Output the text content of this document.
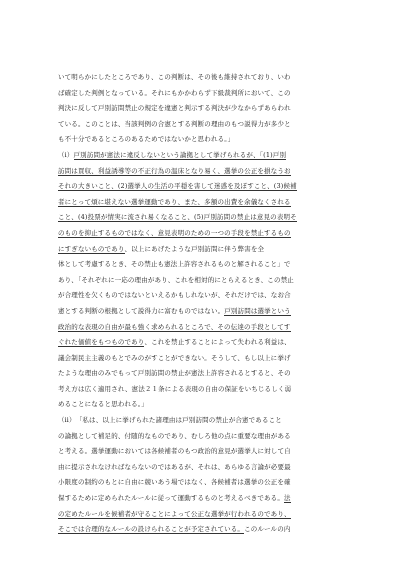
いて明らかにしたところであり、この判断は、その後も維持されており、いわ
ば確定した判例となっている。それにもかかわらず下級裁判所において、この
判決に反して戸別訪問禁止の規定を違憲と判示する判決が少なからずあらわれ
ている。このことは、当該判例の合憲とする判断の理由のもつ説得力が多少と
も不十分であるところのあるためではないかと思われる。」
（ⅰ）戸別訪問が憲法に違反しないという論拠として挙げられるが、「(1)戸別
訪問は買収、利益誘導等の不正行為の温床となり易く、選挙の公正を損なうお
それの大きいこと、(2)選挙人の生活の平穏を害して迷惑を及ぼすこと、(3)候補
者にとって煩に堪えない選挙運動であり、また、多額の出費を余儀なくされる
こと、(4)投票が情実に流され易くなること、(5)戸別訪問の禁止は意見の表明そ
のものを抑止するものではなく、意見表明のための一つの手段を禁止するもの
にすぎないものであり、以上にあげたような戸別訪問に伴う弊害を全
体として考慮するとき、その禁止も憲法上許容されるものと解されること」で
あり、「それぞれに一応の理由があり、これを相対的にとらえるとき、この禁止
が合理性を欠くものではないといえるかもしれないが、それだけでは、なお合
憲とする判断の根拠として説得力に富むものではない。戸別訪問は選挙という
政治的な表現の自由が最も強く求められるところで、その伝達の手段としてす
ぐれた価値をもつものであり、これを禁止することによって失われる利益は、
議会制民主主義のもとでみのがすことができない。そうして、もし以上に挙げ
たような理由のみでもって戸別訪問の禁止が憲法上許容されるとすると、その
考え方は広く適用され、憲法２１条による表現の自由の保証をいちじるしく弱
めることになると思われる。」
（ⅱ）　「私は、以上に挙げられた諸理由は戸別訪問の禁止が合憲であること
の論拠として補足的、付随的なものであり、むしろ他の点に重要な理由がある
と考える。選挙運動においては各候補者のもつ政治的意見が選挙人に対して自
由に提示されなければならないのではあるが、それは、あらゆる言論が必要最
小限度の制約のもとに自由に競いあう場ではなく、各候補者は選挙の公正を確
保するために定められたルールに従って運動するものと考えるべきである。法
の定めたルールを候補者が守ることによって公正な選挙が行われるのであり、
そこでは合理的なルールの設けられることが予定されている。このルールの内
